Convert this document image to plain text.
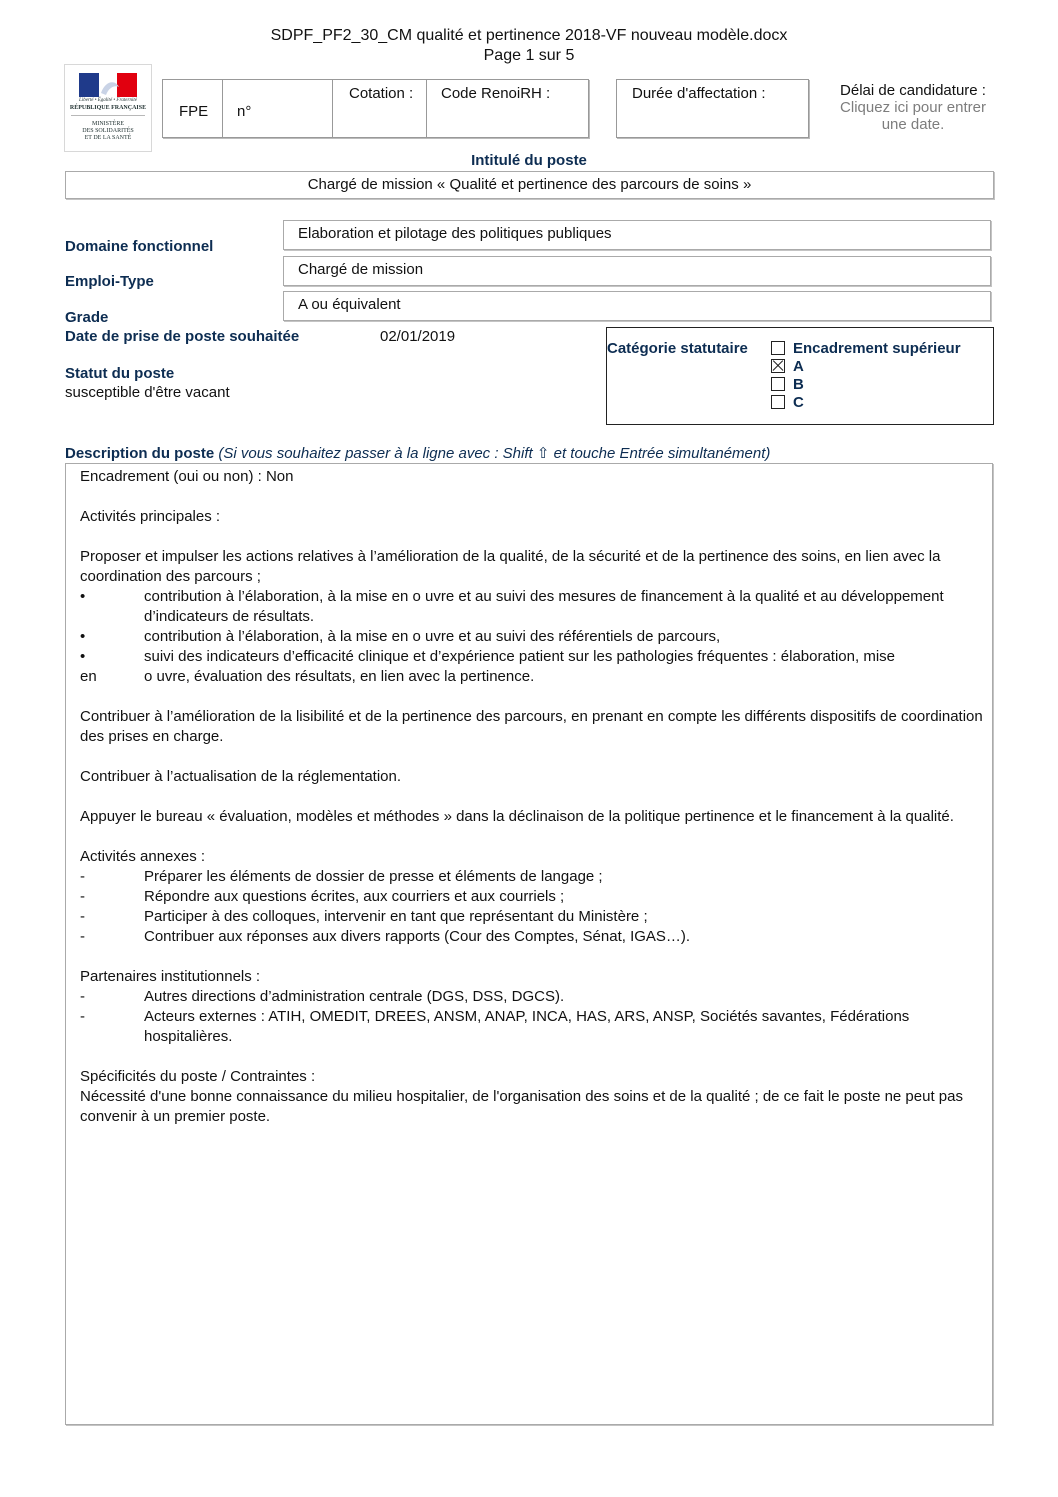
SDPF_PF2_30_CM qualité et pertinence 2018-VF nouveau modèle.docx
Page 1 sur 5
Liberté • Égalité • Fraternité
RÉPUBLIQUE FRANÇAISE
MINISTÈRE
DES SOLIDARITÉS
ET DE LA SANTÉ
FPE	n°
Cotation :	Code RenoiRH :	Durée d'affectation :	Délai de candidature :
Cliquez ici pour entrer
une date.
Intitulé du poste
Chargé de mission « Qualité et pertinence des parcours de soins »
Domaine fonctionnel
Elaboration et pilotage des politiques publiques
Emploi-Type
Chargé de mission
Grade
A ou équivalent
Date de prise de poste souhaitée	02/01/2019
Statut du poste
susceptible d'être vacant
Catégorie statutaire	Encadrement supérieur
A
B
C
Description du poste (Si vous souhaitez passer à la ligne avec : Shift ⇧ et touche Entrée simultanément)

Encadrement (oui ou non) : Non

Activités principales :

Proposer et impulser les actions relatives à l’amélioration de la qualité, de la sécurité et de la pertinence des soins, en lien avec la coordination des parcours ;

•	contribution à l’élaboration, à la mise en o uvre et au suivi des mesures de financement à la qualité et au développement d’indicateurs de résultats.
•	contribution à l’élaboration, à la mise en o uvre et au suivi des référentiels de parcours,
•	suivi des indicateurs d’efficacité clinique et d’expérience patient sur les pathologies fréquentes : élaboration, mise
en	o uvre, évaluation des résultats, en lien avec la pertinence.

Contribuer à l’amélioration de la lisibilité et de la pertinence des parcours, en prenant en compte les différents dispositifs de coordination des prises en charge.

Contribuer à l’actualisation de la réglementation.

Appuyer le bureau « évaluation, modèles et méthodes » dans la déclinaison de la politique pertinence et le financement à la qualité.

Activités annexes :

-	Préparer les éléments de dossier de presse et éléments de langage ;
-	Répondre aux questions écrites, aux courriers et aux courriels ;
-	Participer à des colloques, intervenir en tant que représentant du Ministère ;
-	Contribuer aux réponses aux divers rapports (Cour des Comptes, Sénat, IGAS…).

Partenaires institutionnels :

-	Autres directions d’administration centrale (DGS, DSS, DGCS).
-	Acteurs externes : ATIH, OMEDIT, DREES, ANSM, ANAP, INCA, HAS, ARS, ANSP, Sociétés savantes, Fédérations hospitalières.

Spécificités du poste / Contraintes :

Nécessité d'une bonne connaissance du milieu hospitalier, de l'organisation des soins et de la qualité ; de ce fait le poste ne peut pas convenir à un premier poste.
